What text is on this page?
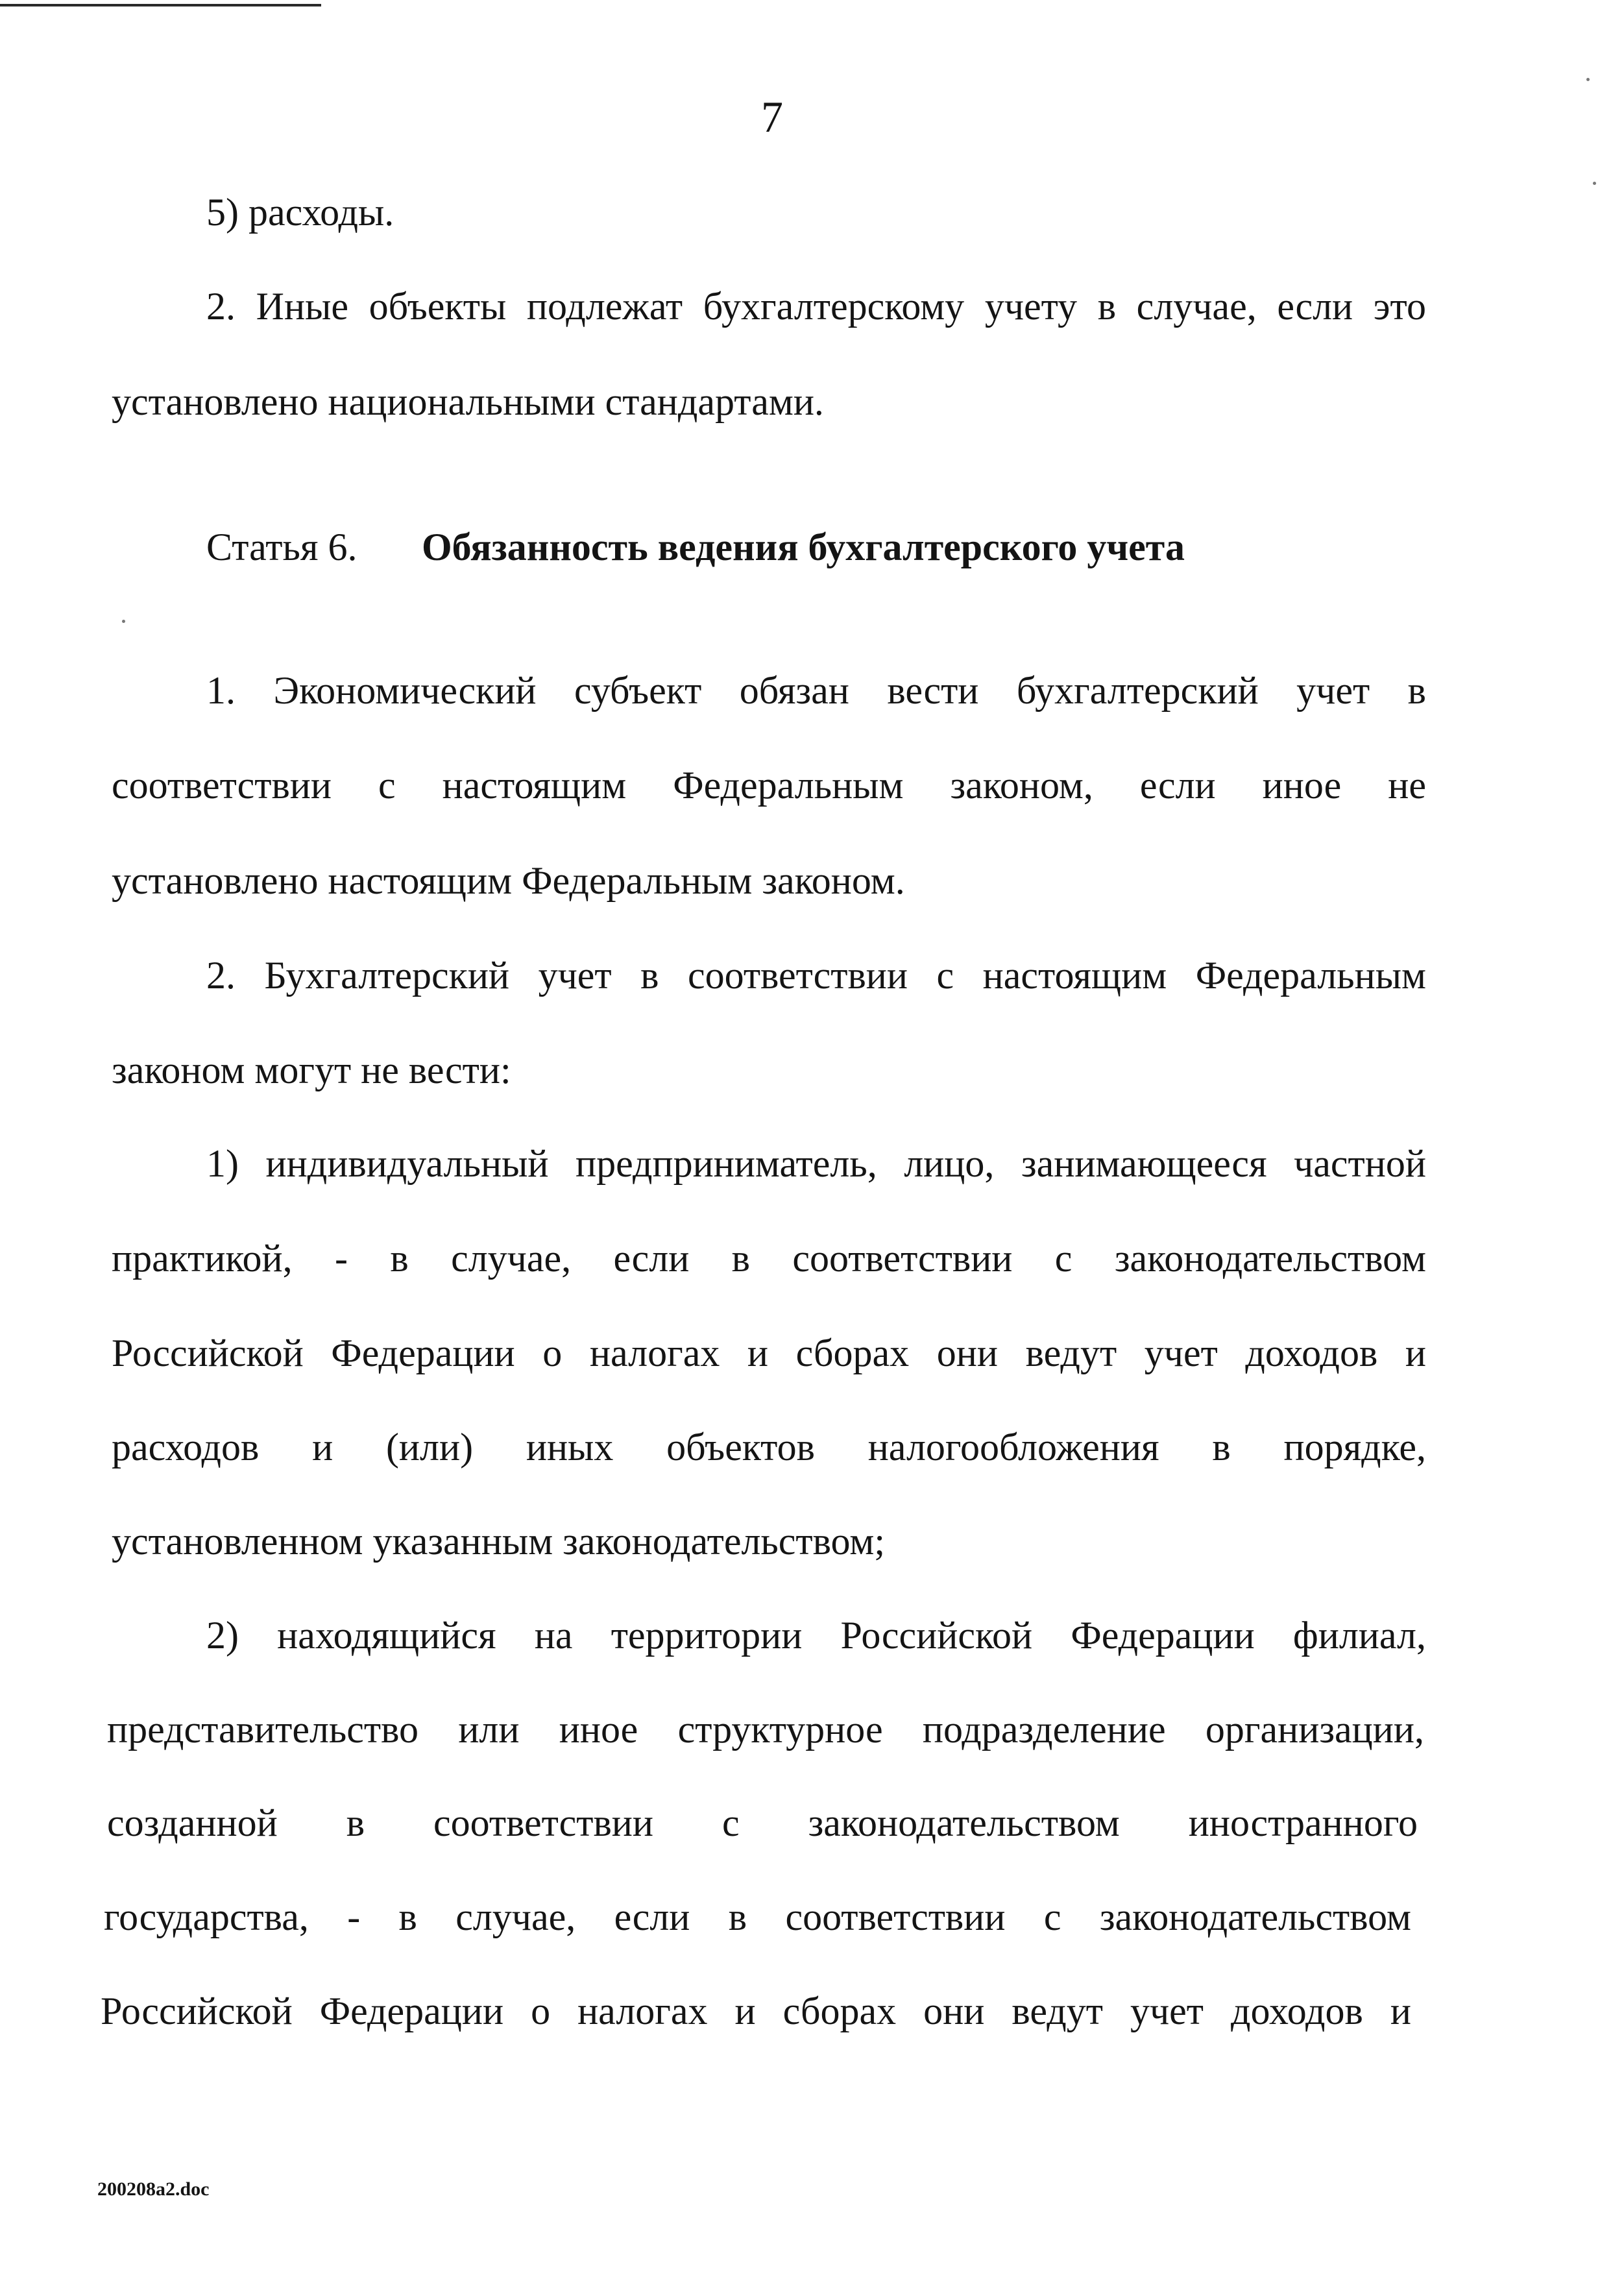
7
5) расходы.
2. Иные объекты подлежат бухгалтерскому учету в случае, если это
установлено национальными стандартами.
Статья 6. Обязанность ведения бухгалтерского учета
1. Экономический субъект обязан вести бухгалтерский учет в
соответствии с настоящим Федеральным законом, если иное не
установлено настоящим Федеральным законом.
2. Бухгалтерский учет в соответствии с настоящим Федеральным
законом могут не вести:
1) индивидуальный предприниматель, лицо, занимающееся частной
практикой, - в случае, если в соответствии с законодательством
Российской Федерации о налогах и сборах они ведут учет доходов и
расходов и (или) иных объектов налогообложения в порядке,
установленном указанным законодательством;
2) находящийся на территории Российской Федерации филиал,
представительство или иное структурное подразделение организации,
созданной в соответствии с законодательством иностранного
государства, - в случае, если в соответствии с законодательством
Российской Федерации о налогах и сборах они ведут учет доходов и
200208a2.doc
